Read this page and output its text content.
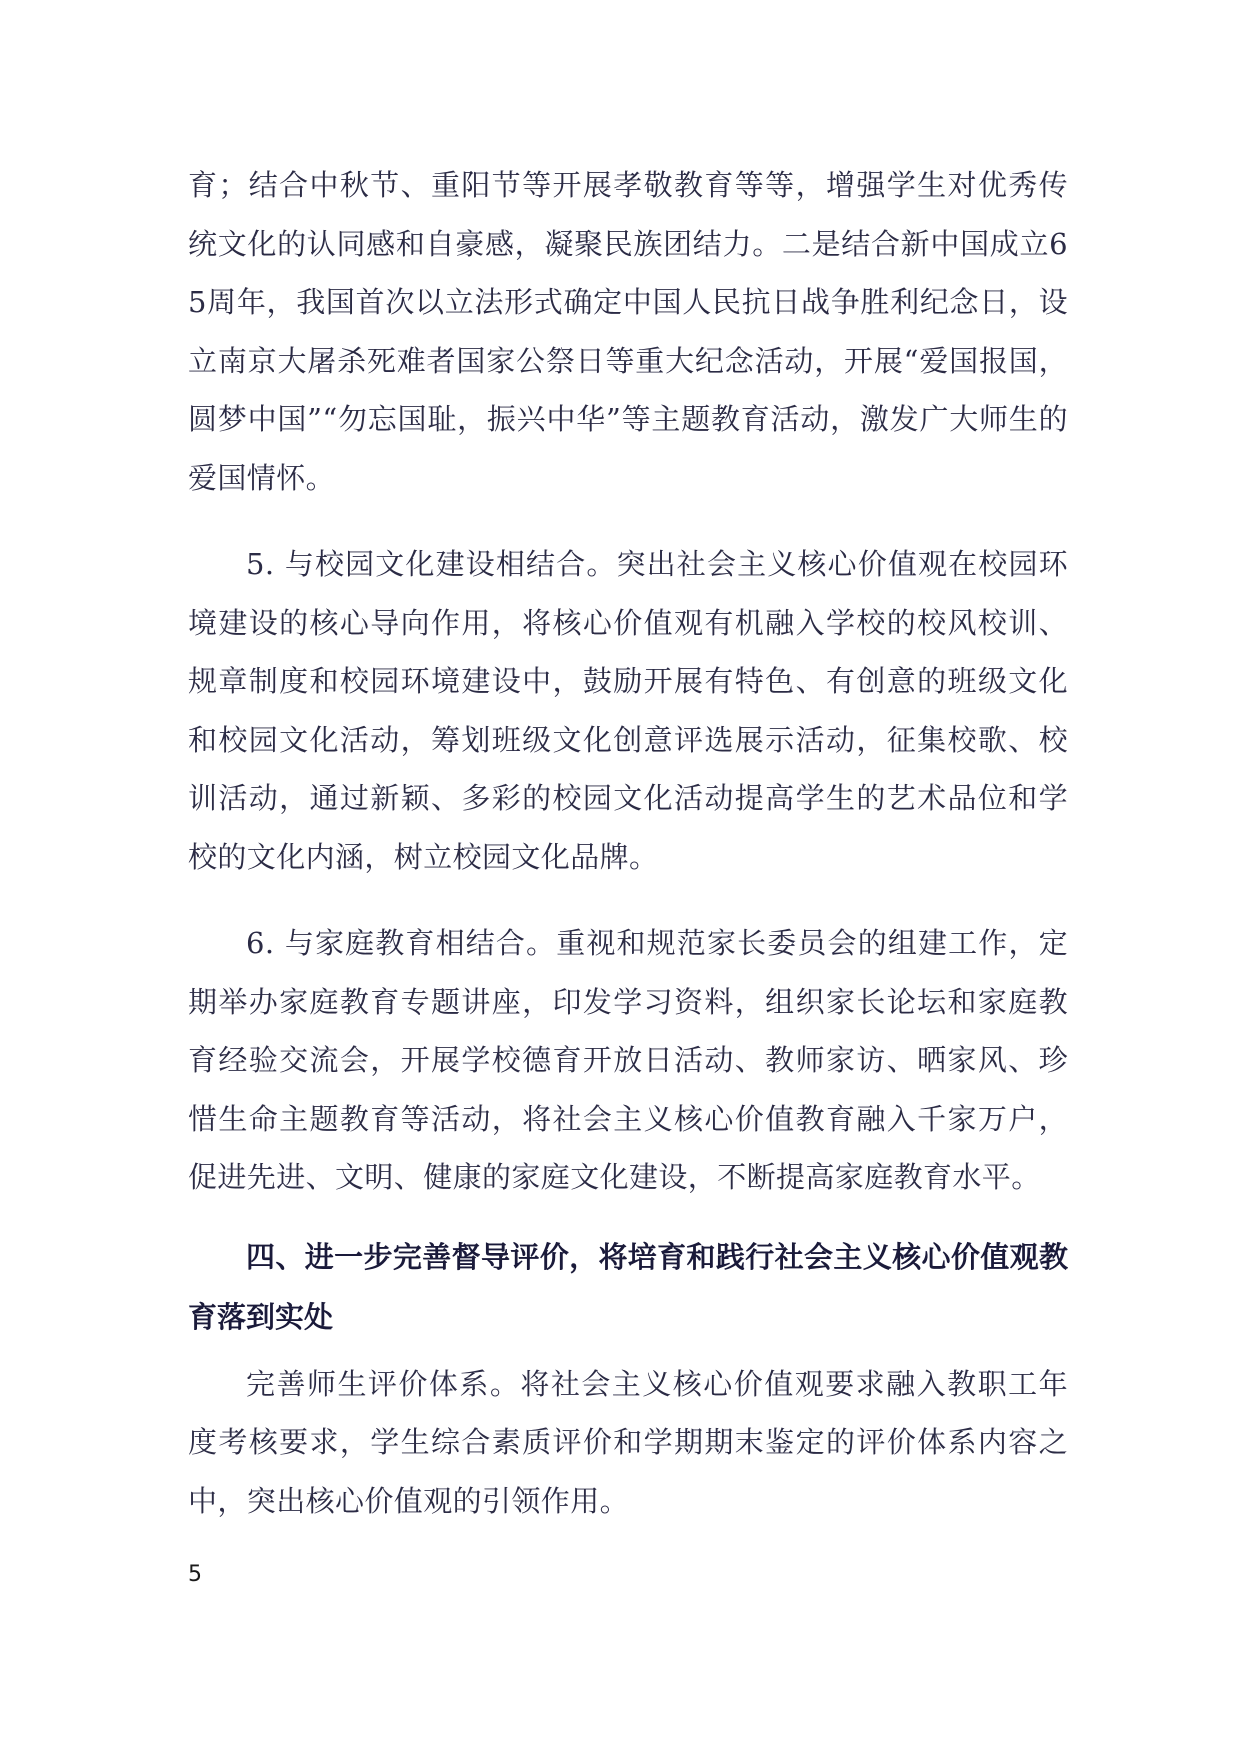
育；结合中秋节、重阳节等开展孝敬教育等等，增强学生对优秀传统文化的认同感和自豪感，凝聚民族团结力。二是结合新中国成立65周年，我国首次以立法形式确定中国人民抗日战争胜利纪念日，设立南京大屠杀死难者国家公祭日等重大纪念活动，开展“爱国报国，圆梦中国”“勿忘国耻，振兴中华”等主题教育活动，激发广大师生的爱国情怀。

5. 与校园文化建设相结合。突出社会主义核心价值观在校园环境建设的核心导向作用，将核心价值观有机融入学校的校风校训、规章制度和校园环境建设中，鼓励开展有特色、有创意的班级文化和校园文化活动，筹划班级文化创意评选展示活动，征集校歌、校训活动，通过新颖、多彩的校园文化活动提高学生的艺术品位和学校的文化内涵，树立校园文化品牌。

6. 与家庭教育相结合。重视和规范家长委员会的组建工作，定期举办家庭教育专题讲座，印发学习资料，组织家长论坛和家庭教育经验交流会，开展学校德育开放日活动、教师家访、晒家风、珍惜生命主题教育等活动，将社会主义核心价值教育融入千家万户，促进先进、文明、健康的家庭文化建设，不断提高家庭教育水平。

四、进一步完善督导评价，将培育和践行社会主义核心价值观教育落到实处

完善师生评价体系。将社会主义核心价值观要求融入教职工年度考核要求，学生综合素质评价和学期期末鉴定的评价体系内容之中，突出核心价值观的引领作用。

5
